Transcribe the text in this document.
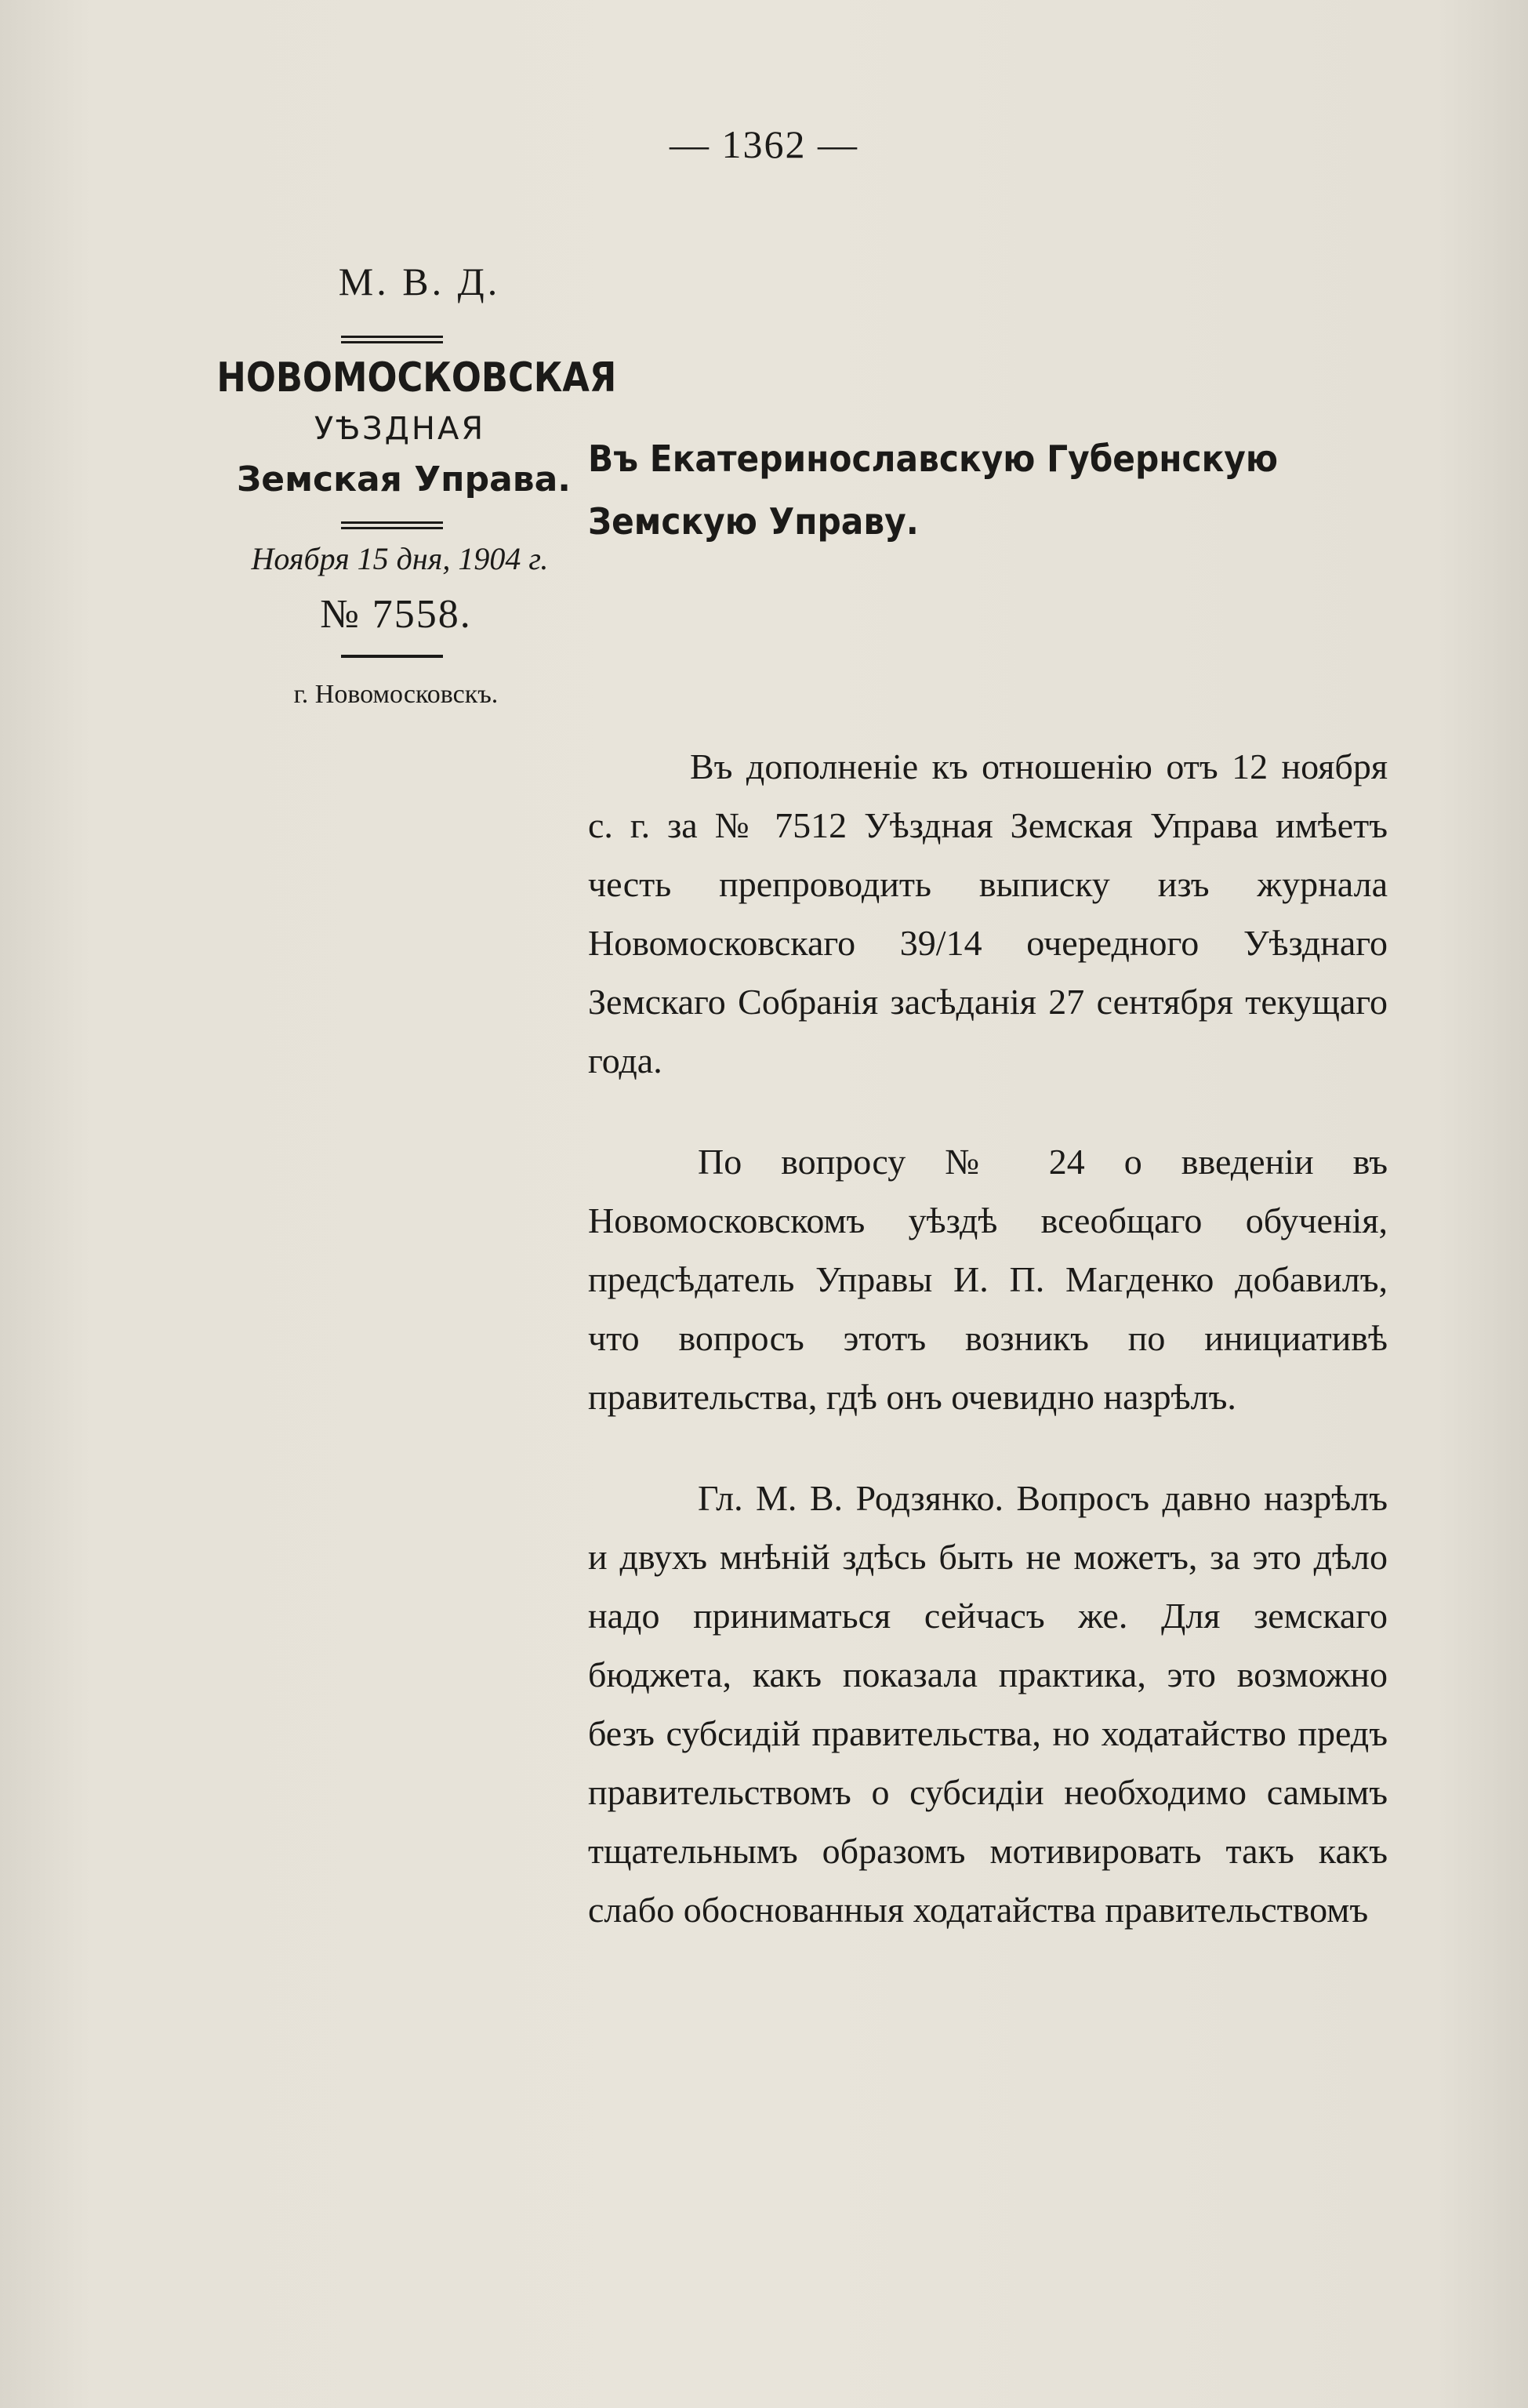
— 1362 —
М. В. Д.
НОВОМОСКОВСКАЯ
УѢЗДНАЯ
Земская Управа.
Ноября 15 дня, 1904 г.
№ 7558.
г. Новомосковскъ.
Въ Екатеринославскую Губернскую
Земскую Управу.

Въ дополненіе къ отношенію отъ 12 ноября с. г. за № 7512 Уѣздная Земская Управа имѣетъ честь препроводить выписку изъ журнала Новомосковскаго 39/14 очередного Уѣзднаго Земскаго Собранія засѣданія 27 сентября текущаго года.

По вопросу № 24 о введеніи въ Новомосковскомъ уѣздѣ всеобщаго обученія, предсѣдатель Управы И. П. Магденко добавилъ, что вопросъ этотъ возникъ по инициативѣ правительства, гдѣ онъ очевидно назрѣлъ.

Гл. М. В. Родзянко. Вопросъ давно назрѣлъ и двухъ мнѣній здѣсь быть не можетъ, за это дѣло надо приниматься сейчасъ же. Для земскаго бюджета, какъ показала практика, это возможно безъ субсидій правительства, но ходатайство предъ правительствомъ о субсидіи необходимо самымъ тщательнымъ образомъ мотивировать такъ какъ слабо обоснованныя ходатайства правительствомъ
